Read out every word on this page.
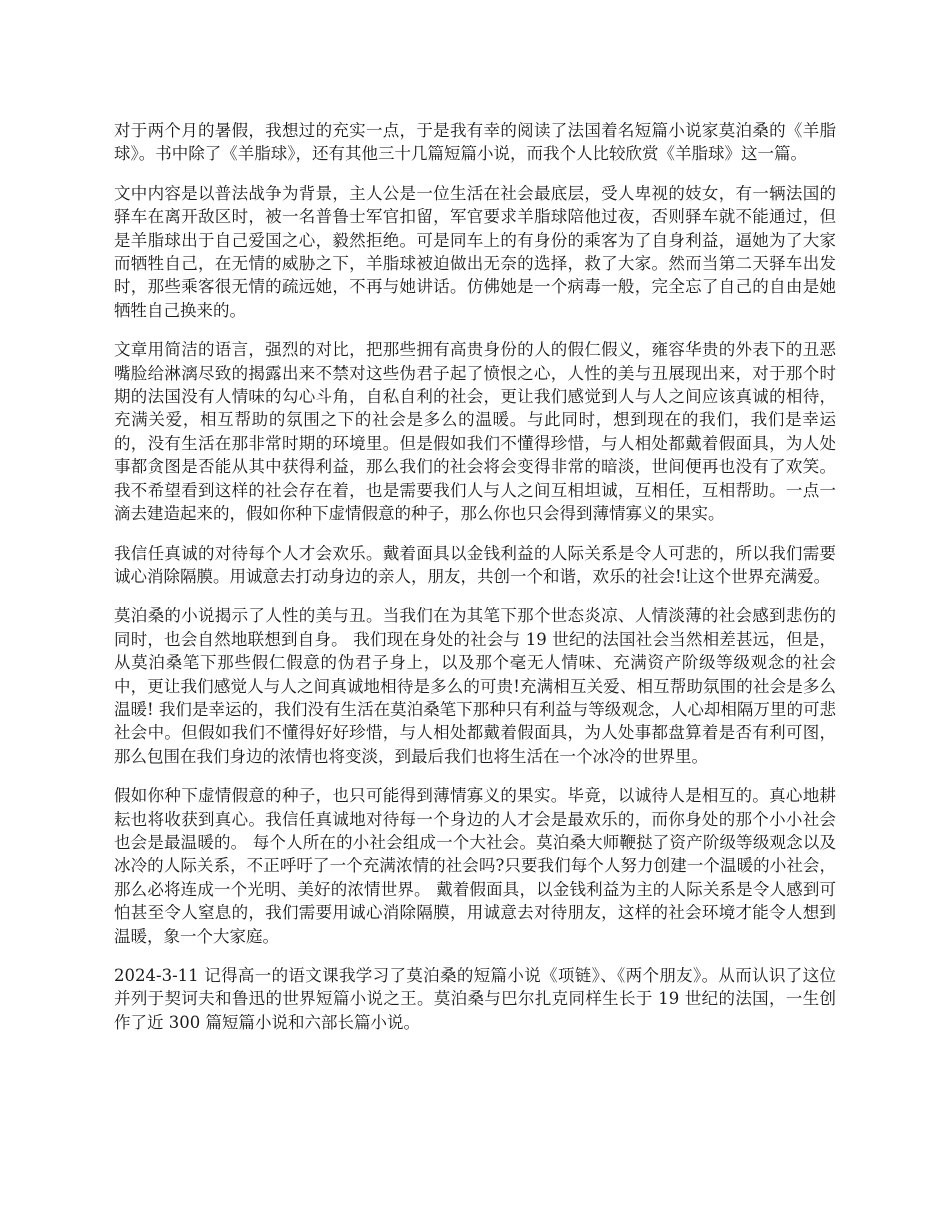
对于两个月的暑假，我想过的充实一点，于是我有幸的阅读了法国着名短篇小说家莫泊桑的《羊脂球》。书中除了《羊脂球》，还有其他三十几篇短篇小说，而我个人比较欣赏《羊脂球》这一篇。

文中内容是以普法战争为背景，主人公是一位生活在社会最底层，受人卑视的妓女，有一辆法国的驿车在离开敌区时，被一名普鲁士军官扣留，军官要求羊脂球陪他过夜，否则驿车就不能通过，但是羊脂球出于自己爱国之心，毅然拒绝。可是同车上的有身份的乘客为了自身利益，逼她为了大家而牺牲自己，在无情的威胁之下，羊脂球被迫做出无奈的选择，救了大家。然而当第二天驿车出发时，那些乘客很无情的疏远她，不再与她讲话。仿佛她是一个病毒一般，完全忘了自己的自由是她牺牲自己换来的。

文章用简洁的语言，强烈的对比，把那些拥有高贵身份的人的假仁假义，雍容华贵的外表下的丑恶嘴脸给淋漓尽致的揭露出来不禁对这些伪君子起了愤恨之心，人性的美与丑展现出来，对于那个时期的法国没有人情味的勾心斗角，自私自利的社会，更让我们感觉到人与人之间应该真诚的相待，充满关爱，相互帮助的氛围之下的社会是多么的温暖。与此同时，想到现在的我们，我们是幸运的，没有生活在那非常时期的环境里。但是假如我们不懂得珍惜，与人相处都戴着假面具，为人处事都贪图是否能从其中获得利益，那么我们的社会将会变得非常的暗淡，世间便再也没有了欢笑。我不希望看到这样的社会存在着，也是需要我们人与人之间互相坦诚，互相任，互相帮助。一点一滴去建造起来的，假如你种下虚情假意的种子，那么你也只会得到薄情寡义的果实。

我信任真诚的对待每个人才会欢乐。戴着面具以金钱利益的人际关系是令人可悲的，所以我们需要诚心消除隔膜。用诚意去打动身边的亲人，朋友，共创一个和谐，欢乐的社会!让这个世界充满爱。

莫泊桑的小说揭示了人性的美与丑。当我们在为其笔下那个世态炎凉、人情淡薄的社会感到悲伤的同时，也会自然地联想到自身。 我们现在身处的社会与 19 世纪的法国社会当然相差甚远，但是，从莫泊桑笔下那些假仁假意的伪君子身上，以及那个毫无人情味、充满资产阶级等级观念的社会中，更让我们感觉人与人之间真诚地相待是多么的可贵!充满相互关爱、相互帮助氛围的社会是多么温暖! 我们是幸运的，我们没有生活在莫泊桑笔下那种只有利益与等级观念，人心却相隔万里的可悲社会中。但假如我们不懂得好好珍惜，与人相处都戴着假面具，为人处事都盘算着是否有利可图，那么包围在我们身边的浓情也将变淡，到最后我们也将生活在一个冰冷的世界里。

假如你种下虚情假意的种子，也只可能得到薄情寡义的果实。毕竟，以诚待人是相互的。真心地耕耘也将收获到真心。我信任真诚地对待每一个身边的人才会是最欢乐的，而你身处的那个小小社会也会是最温暖的。 每个人所在的小社会组成一个大社会。莫泊桑大师鞭挞了资产阶级等级观念以及冰冷的人际关系，不正呼吁了一个充满浓情的社会吗?只要我们每个人努力创建一个温暖的小社会，那么必将连成一个光明、美好的浓情世界。 戴着假面具，以金钱利益为主的人际关系是令人感到可怕甚至令人窒息的，我们需要用诚心消除隔膜，用诚意去对待朋友，这样的社会环境才能令人想到温暖，象一个大家庭。

2024-3-11 记得高一的语文课我学习了莫泊桑的短篇小说《项链》、《两个朋友》。从而认识了这位并列于契诃夫和鲁迅的世界短篇小说之王。莫泊桑与巴尔扎克同样生长于 19 世纪的法国，一生创作了近 300 篇短篇小说和六部长篇小说。
